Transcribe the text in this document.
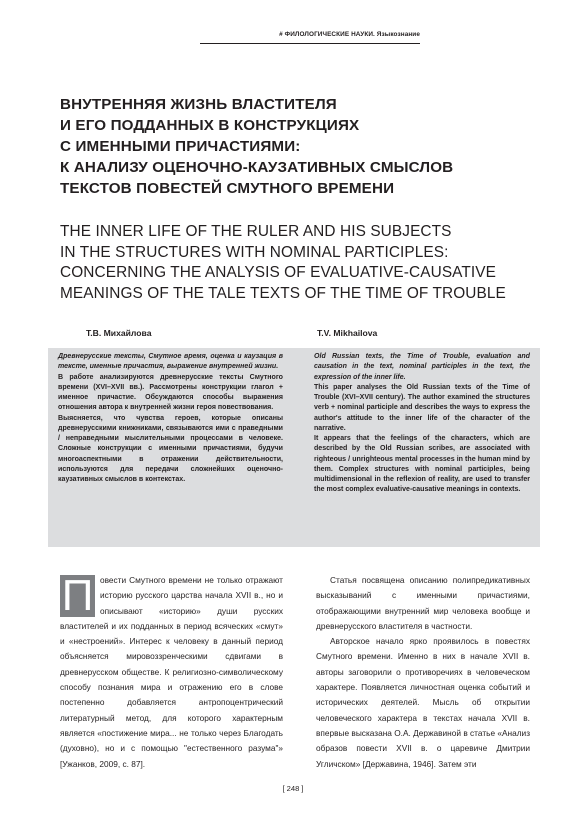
# ФИЛОЛОГИЧЕСКИЕ НАУКИ. Языкознание
ВНУТРЕННЯЯ ЖИЗНЬ ВЛАСТИТЕЛЯ
И ЕГО ПОДДАННЫХ В КОНСТРУКЦИЯХ
С ИМЕННЫМИ ПРИЧАСТИЯМИ:
К АНАЛИЗУ ОЦЕНОЧНО-КАУЗАТИВНЫХ СМЫСЛОВ
ТЕКСТОВ ПОВЕСТЕЙ СМУТНОГО ВРЕМЕНИ
THE INNER LIFE OF THE RULER AND HIS SUBJECTS
IN THE STRUCTURES WITH NOMINAL PARTICIPLES:
CONCERNING THE ANALYSIS OF EVALUATIVE-CAUSATIVE
MEANINGS OF THE TALE TEXTS OF THE TIME OF TROUBLE
Т.В. Михайлова	T.V. Mikhailova

Древнерусские тексты, Смутное время, оценка и каузация в тексте, именные причастия, выражение внутренней жизни.

В работе анализируются древнерусские тексты Смутного времени (XVI–XVII вв.). Рассмотрены конструкции глагол + именное причастие. Обсуждаются способы выражения отношения автора к внутренней жизни героя повествования.

Выясняется, что чувства героев, которые описаны древнерусскими книжниками, связываются ими с праведными / неправедными мыслительными процессами в человеке. Сложные конструкции с именными причастиями, будучи многоаспектными в отражении действительности, используются для передачи сложнейших оценочно-каузативных смыслов в контекстах.

Old Russian texts, the Time of Trouble, evaluation and causation in the text, nominal participles in the text, the expression of the inner life.

This paper analyses the Old Russian texts of the Time of Trouble (XVI–XVII century). The author examined the structures verb + nominal participle and describes the ways to express the author's attitude to the inner life of the character of the narrative.

It appears that the feelings of the characters, which are described by the Old Russian scribes, are associated with righteous / unrighteous mental processes in the human mind by them. Complex structures with nominal participles, being multidimensional in the reflexion of reality, are used to transfer the most complex evaluative-causative meanings in contexts.

П овести Смутного времени не только отражают историю русского царства начала XVII в., но и описывают «историю» души русских властителей и их подданных в период всяческих «смут» и «нестроений». Интерес к человеку в данный период объясняется мировоззренческими сдвигами в древнерусском обществе. К религиозно-символическому способу познания мира и отражению его в слове постепенно добавляется антропоцентрический литературный метод, для которого характерным является «постижение мира... не только через Благодать (духовно), но и с помощью "естественного разума"» [Ужанков, 2009, с. 87].

Статья посвящена описанию полипредикативных высказываний с именными причастиями, отображающими внутренний мир человека вообще и древнерусского властителя в частности.

Авторское начало ярко проявилось в повестях Смутного времени. Именно в них в начале XVII в. авторы заговорили о противоречиях в человеческом характере. Появляется личностная оценка событий и исторических деятелей. Мысль об открытии человеческого характера в текстах начала XVII в. впервые высказана О.А. Державиной в статье «Анализ образов повести XVII в. о царевиче Дмитрии Угличском» [Державина, 1946]. Затем эти

[ 248 ]
